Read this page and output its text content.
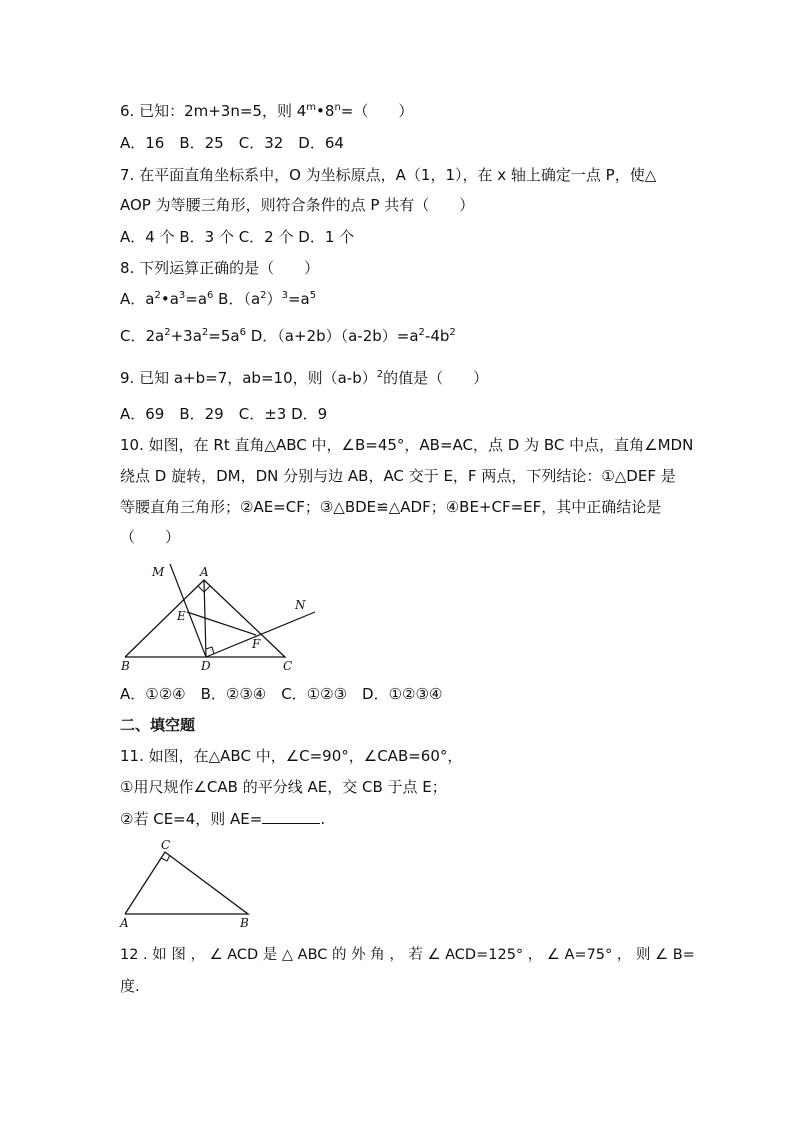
6. 已知：2m+3n=5，则 $4^m•8^n=$（　　）
A．16　B．25　C．32　D．64
7. 在平面直角坐标系中，O 为坐标原点，A（1，1），在 x 轴上确定一点 P，使△
AOP 为等腰三角形，则符合条件的点 P 共有（　　）
A．4 个 B．3 个 C．2 个 D．1 个
8. 下列运算正确的是（　　）
A．$a^2•a^3=a^6$ B．$(a^2)^3=a^5$
C．$2a^2+3a^2=5a^6$ D．$(a+2b)(a-2b)=a^2-4b^2$
9. 已知 a+b=7，ab=10，则$(a-b)^2$的值是（　　）
A．69　B．29　C．±3 D．9
10. 如图，在 Rt 直角△ABC 中，∠B=45°，AB=AC，点 D 为 BC 中点，直角∠MDN
绕点 D 旋转，DM，DN 分别与边 AB，AC 交于 E，F 两点，下列结论：①△DEF 是
等腰直角三角形；②AE=CF；③△BDE≌△ADF；④BE+CF=EF，其中正确结论是
（　　）
M	A
N
E
F
B	D	C
A．①②④　B．②③④　C．①②③　D．①②③④
二、填空题
11. 如图，在△ABC 中，∠C=90°，∠CAB=60°，
①用尺规作∠CAB 的平分线 AE，交 CB 于点 E；
②若 CE=4，则 AE=	.
C
A	B
12 . 如 图 ， ∠ ACD 是 △ ABC 的 外 角 ， 若 ∠ ACD=125° ， ∠ A=75° ， 则 ∠ B=
度.
